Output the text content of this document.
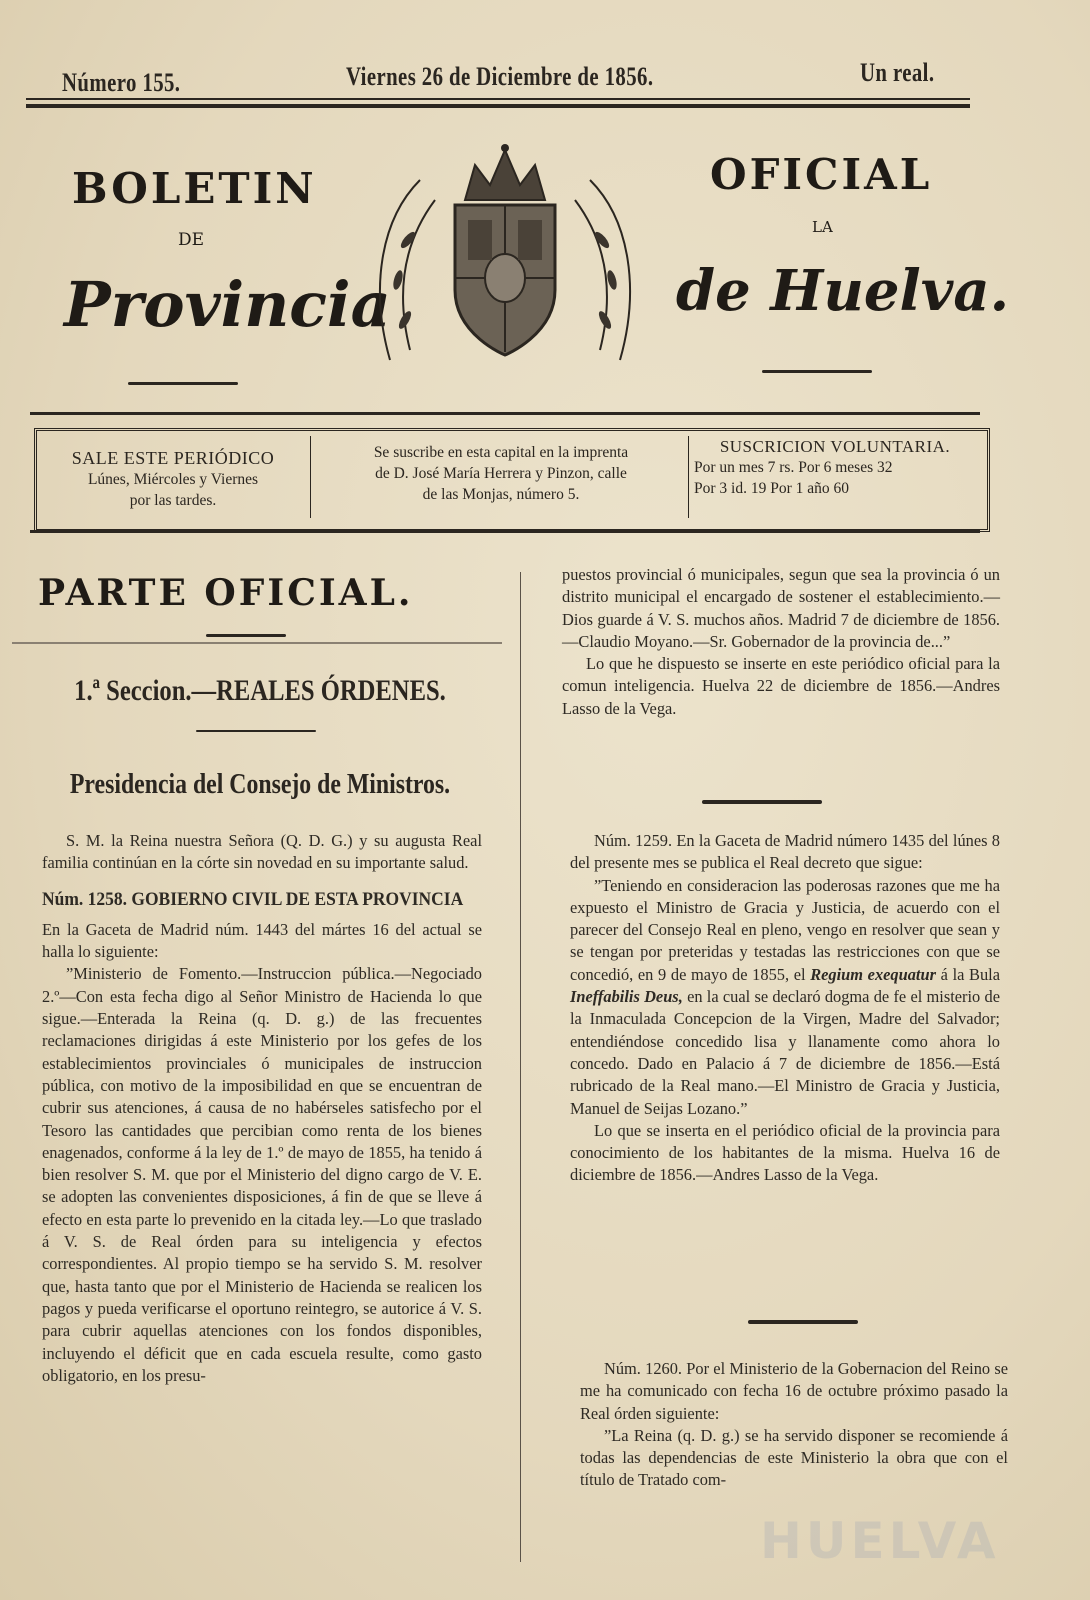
Número 155.	Viernes 26 de Diciembre de 1856.	Un real.
BOLETIN	OFICIAL
DE
LA
Provincia	de Huelva.
SALE ESTE PERIÓDICO
Lúnes, Miércoles y Viernes
por las tardes.
Se suscribe en esta capital en la imprenta
de D. José María Herrera y Pinzon, calle
de las Monjas, número 5.
SUSCRICION VOLUNTARIA.
Por un mes 7 rs. Por 6 meses 32
Por 3 id. 19 Por 1 año 60
PARTE OFICIAL.
1.ª Seccion.—REALES ÓRDENES.
Presidencia del Consejo de Ministros.

S. M. la Reina nuestra Señora (Q. D. G.) y su augusta Real familia continúan en la córte sin novedad en su importante salud.

Núm. 1258. GOBIERNO CIVIL DE ESTA PROVINCIA

En la Gaceta de Madrid núm. 1443 del mártes 16 del actual se halla lo siguiente:

”Ministerio de Fomento.—Instruccion pública.—Negociado 2.º—Con esta fecha digo al Señor Ministro de Hacienda lo que sigue.—Enterada la Reina (q. D. g.) de las frecuentes reclamaciones dirigidas á este Ministerio por los gefes de los establecimientos provinciales ó municipales de instruccion pública, con motivo de la imposibilidad en que se encuentran de cubrir sus atenciones, á causa de no habérseles satisfecho por el Tesoro las cantidades que percibian como renta de los bienes enagenados, conforme á la ley de 1.º de mayo de 1855, ha tenido á bien resolver S. M. que por el Ministerio del digno cargo de V. E. se adopten las convenientes disposiciones, á fin de que se lleve á efecto en esta parte lo prevenido en la citada ley.—Lo que traslado á V. S. de Real órden para su inteligencia y efectos correspondientes. Al propio tiempo se ha servido S. M. resolver que, hasta tanto que por el Ministerio de Hacienda se realicen los pagos y pueda verificarse el oportuno reintegro, se autorice á V. S. para cubrir aquellas atenciones con los fondos disponibles, incluyendo el déficit que en cada escuela resulte, como gasto obligatorio, en los presu-

puestos provincial ó municipales, segun que sea la provincia ó un distrito municipal el encargado de sostener el establecimiento.—Dios guarde á V. S. muchos años. Madrid 7 de diciembre de 1856.—Claudio Moyano.—Sr. Gobernador de la provincia de...”

Lo que he dispuesto se inserte en este periódico oficial para la comun inteligencia. Huelva 22 de diciembre de 1856.—Andres Lasso de la Vega.

Núm. 1259. En la Gaceta de Madrid número 1435 del lúnes 8 del presente mes se publica el Real decreto que sigue:

”Teniendo en consideracion las poderosas razones que me ha expuesto el Ministro de Gracia y Justicia, de acuerdo con el parecer del Consejo Real en pleno, vengo en resolver que sean y se tengan por preteridas y testadas las restricciones con que se concedió, en 9 de mayo de 1855, el Regium exequatur á la Bula Ineffabilis Deus, en la cual se declaró dogma de fe el misterio de la Inmaculada Concepcion de la Virgen, Madre del Salvador; entendiéndose concedido lisa y llanamente como ahora lo concedo. Dado en Palacio á 7 de diciembre de 1856.—Está rubricado de la Real mano.—El Ministro de Gracia y Justicia, Manuel de Seijas Lozano.”

Lo que se inserta en el periódico oficial de la provincia para conocimiento de los habitantes de la misma. Huelva 16 de diciembre de 1856.—Andres Lasso de la Vega.

Núm. 1260. Por el Ministerio de la Gobernacion del Reino se me ha comunicado con fecha 16 de octubre próximo pasado la Real órden siguiente:

”La Reina (q. D. g.) se ha servido disponer se recomiende á todas las dependencias de este Ministerio la obra que con el título de Tratado com-

HUELVA
